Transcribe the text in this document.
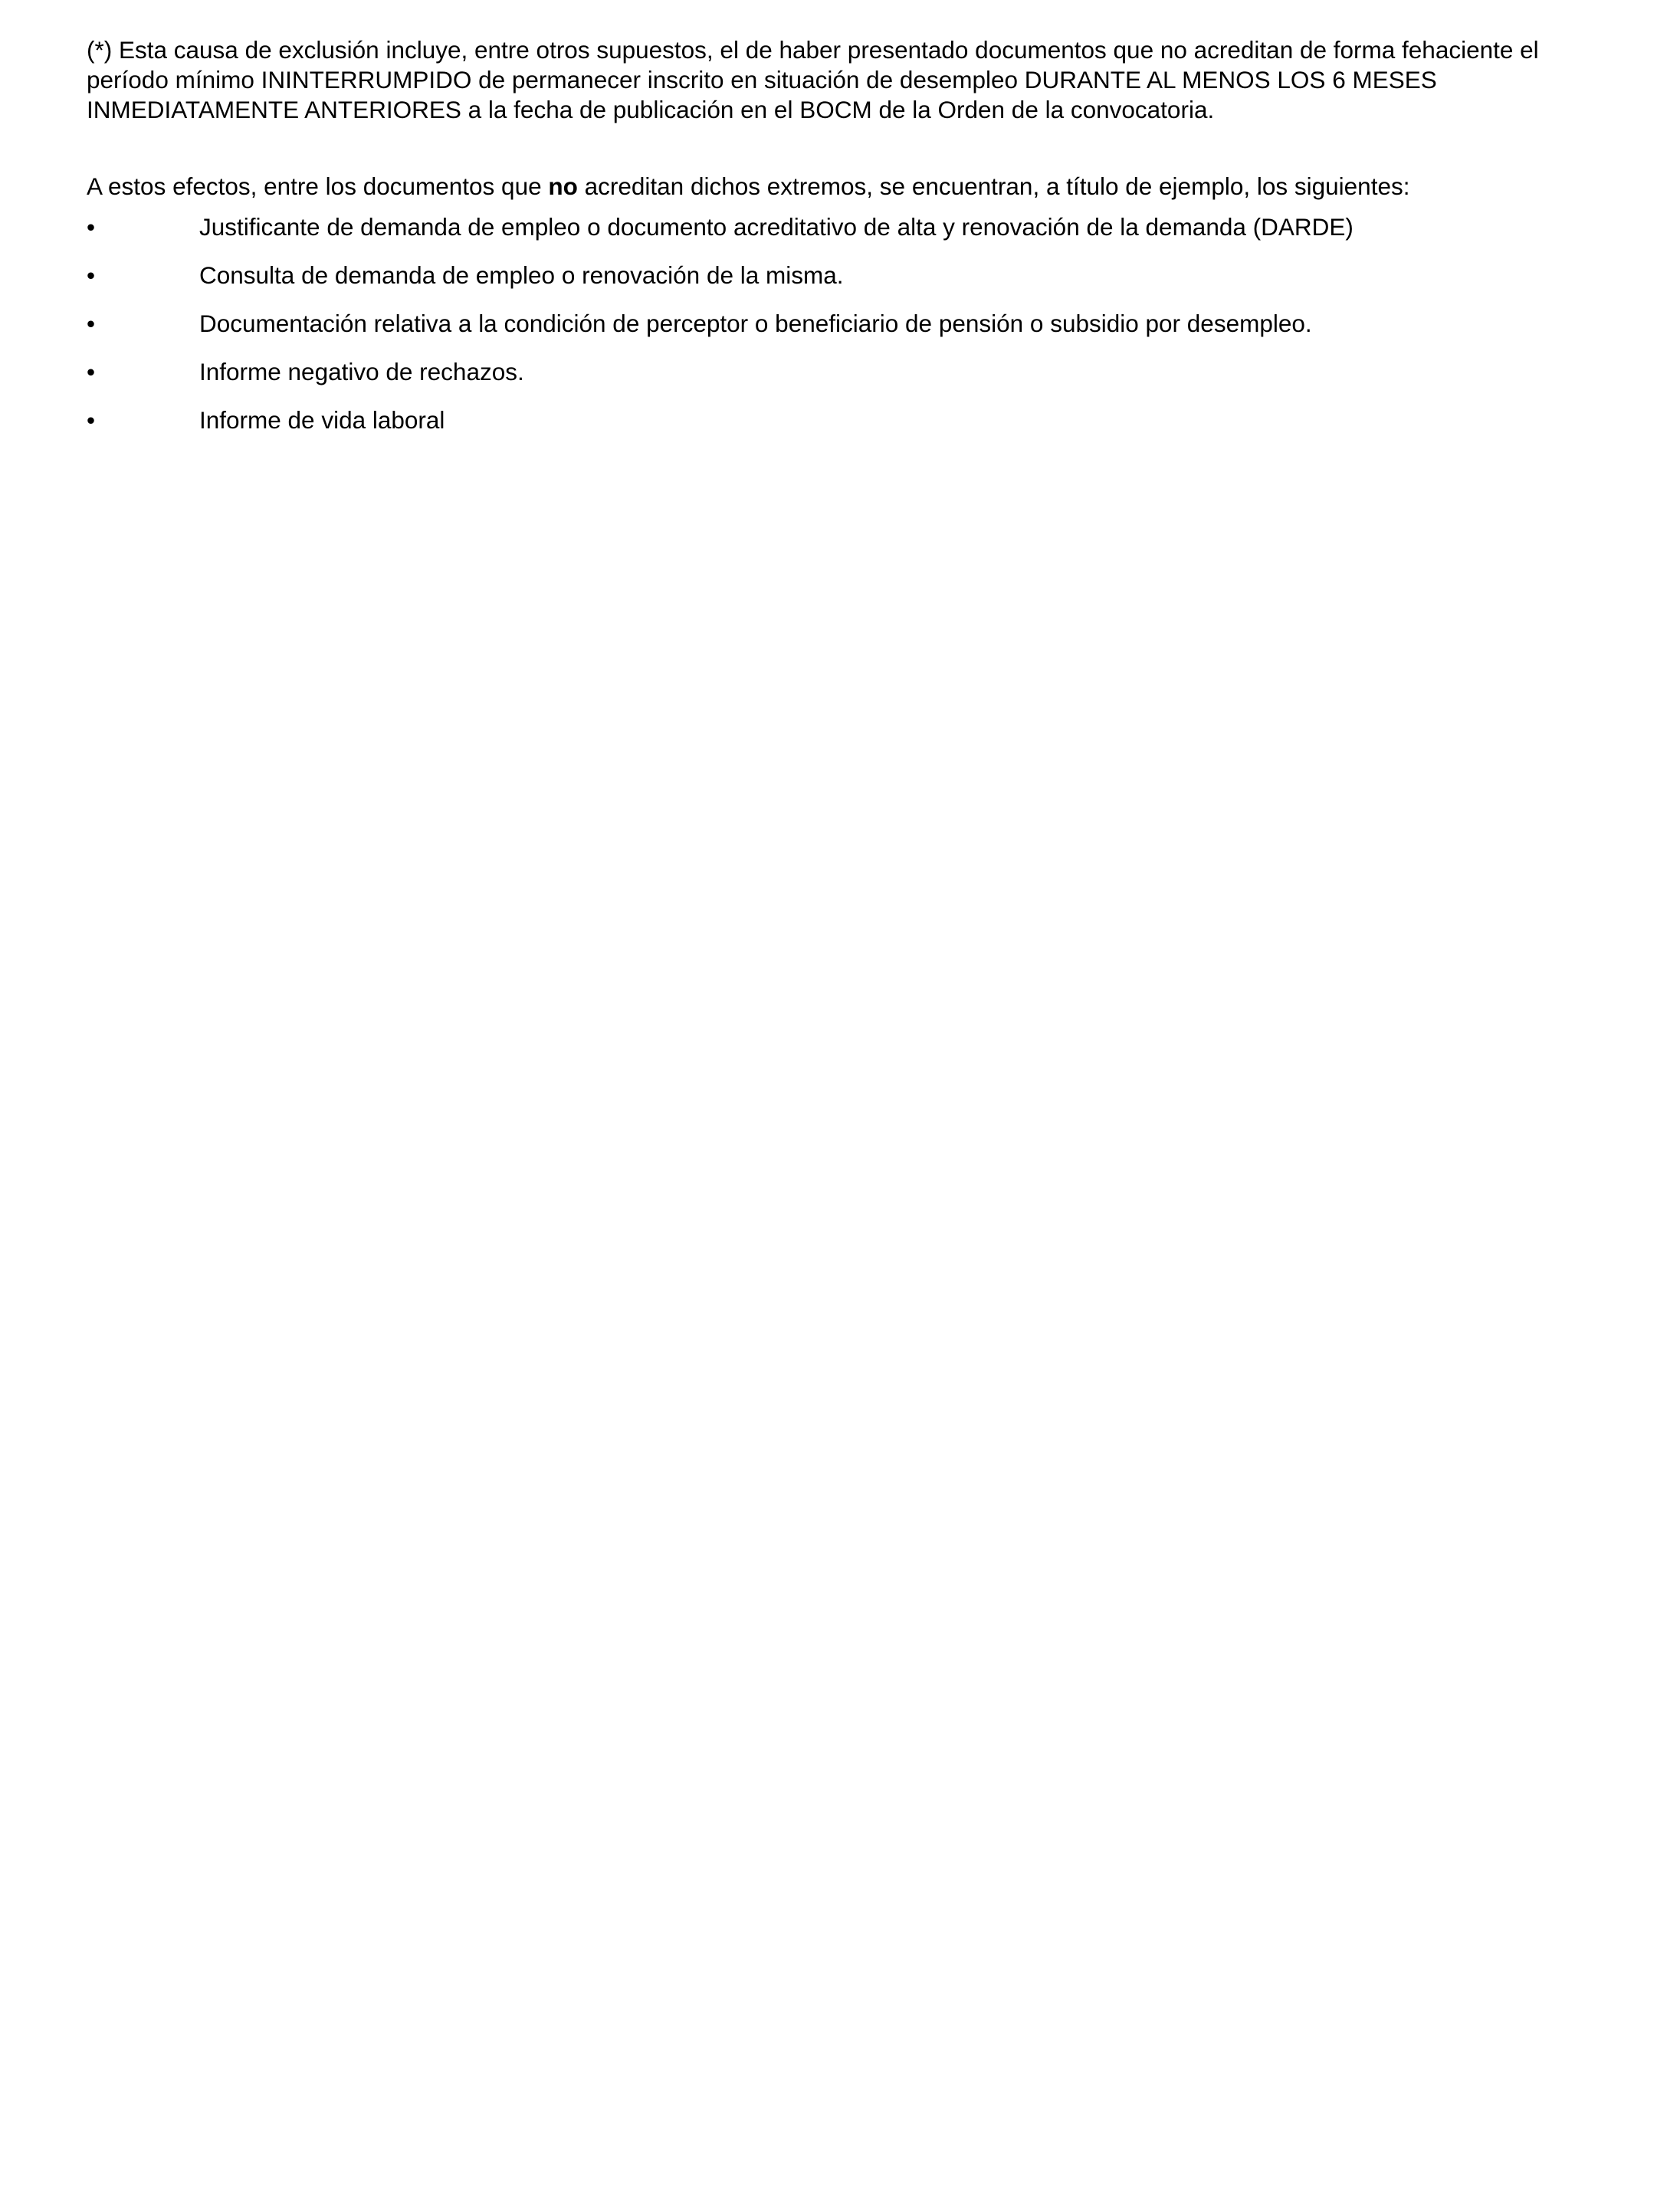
(*) Esta causa de exclusión incluye, entre otros supuestos, el de haber presentado documentos que no acreditan de forma fehaciente el período mínimo ININTERRUMPIDO de permanecer inscrito en situación de desempleo DURANTE AL MENOS LOS 6 MESES INMEDIATAMENTE ANTERIORES a la fecha de publicación en el BOCM de la Orden de la convocatoria.

A estos efectos, entre los documentos que no acreditan dichos extremos, se encuentran, a título de ejemplo, los siguientes:

•	Justificante de demanda de empleo o documento acreditativo de alta y renovación de la demanda (DARDE)
•	Consulta de demanda de empleo o renovación de la misma.
•	Documentación relativa a la condición de perceptor o beneficiario de pensión o subsidio por desempleo.
•	Informe negativo de rechazos.
•	Informe de vida laboral
